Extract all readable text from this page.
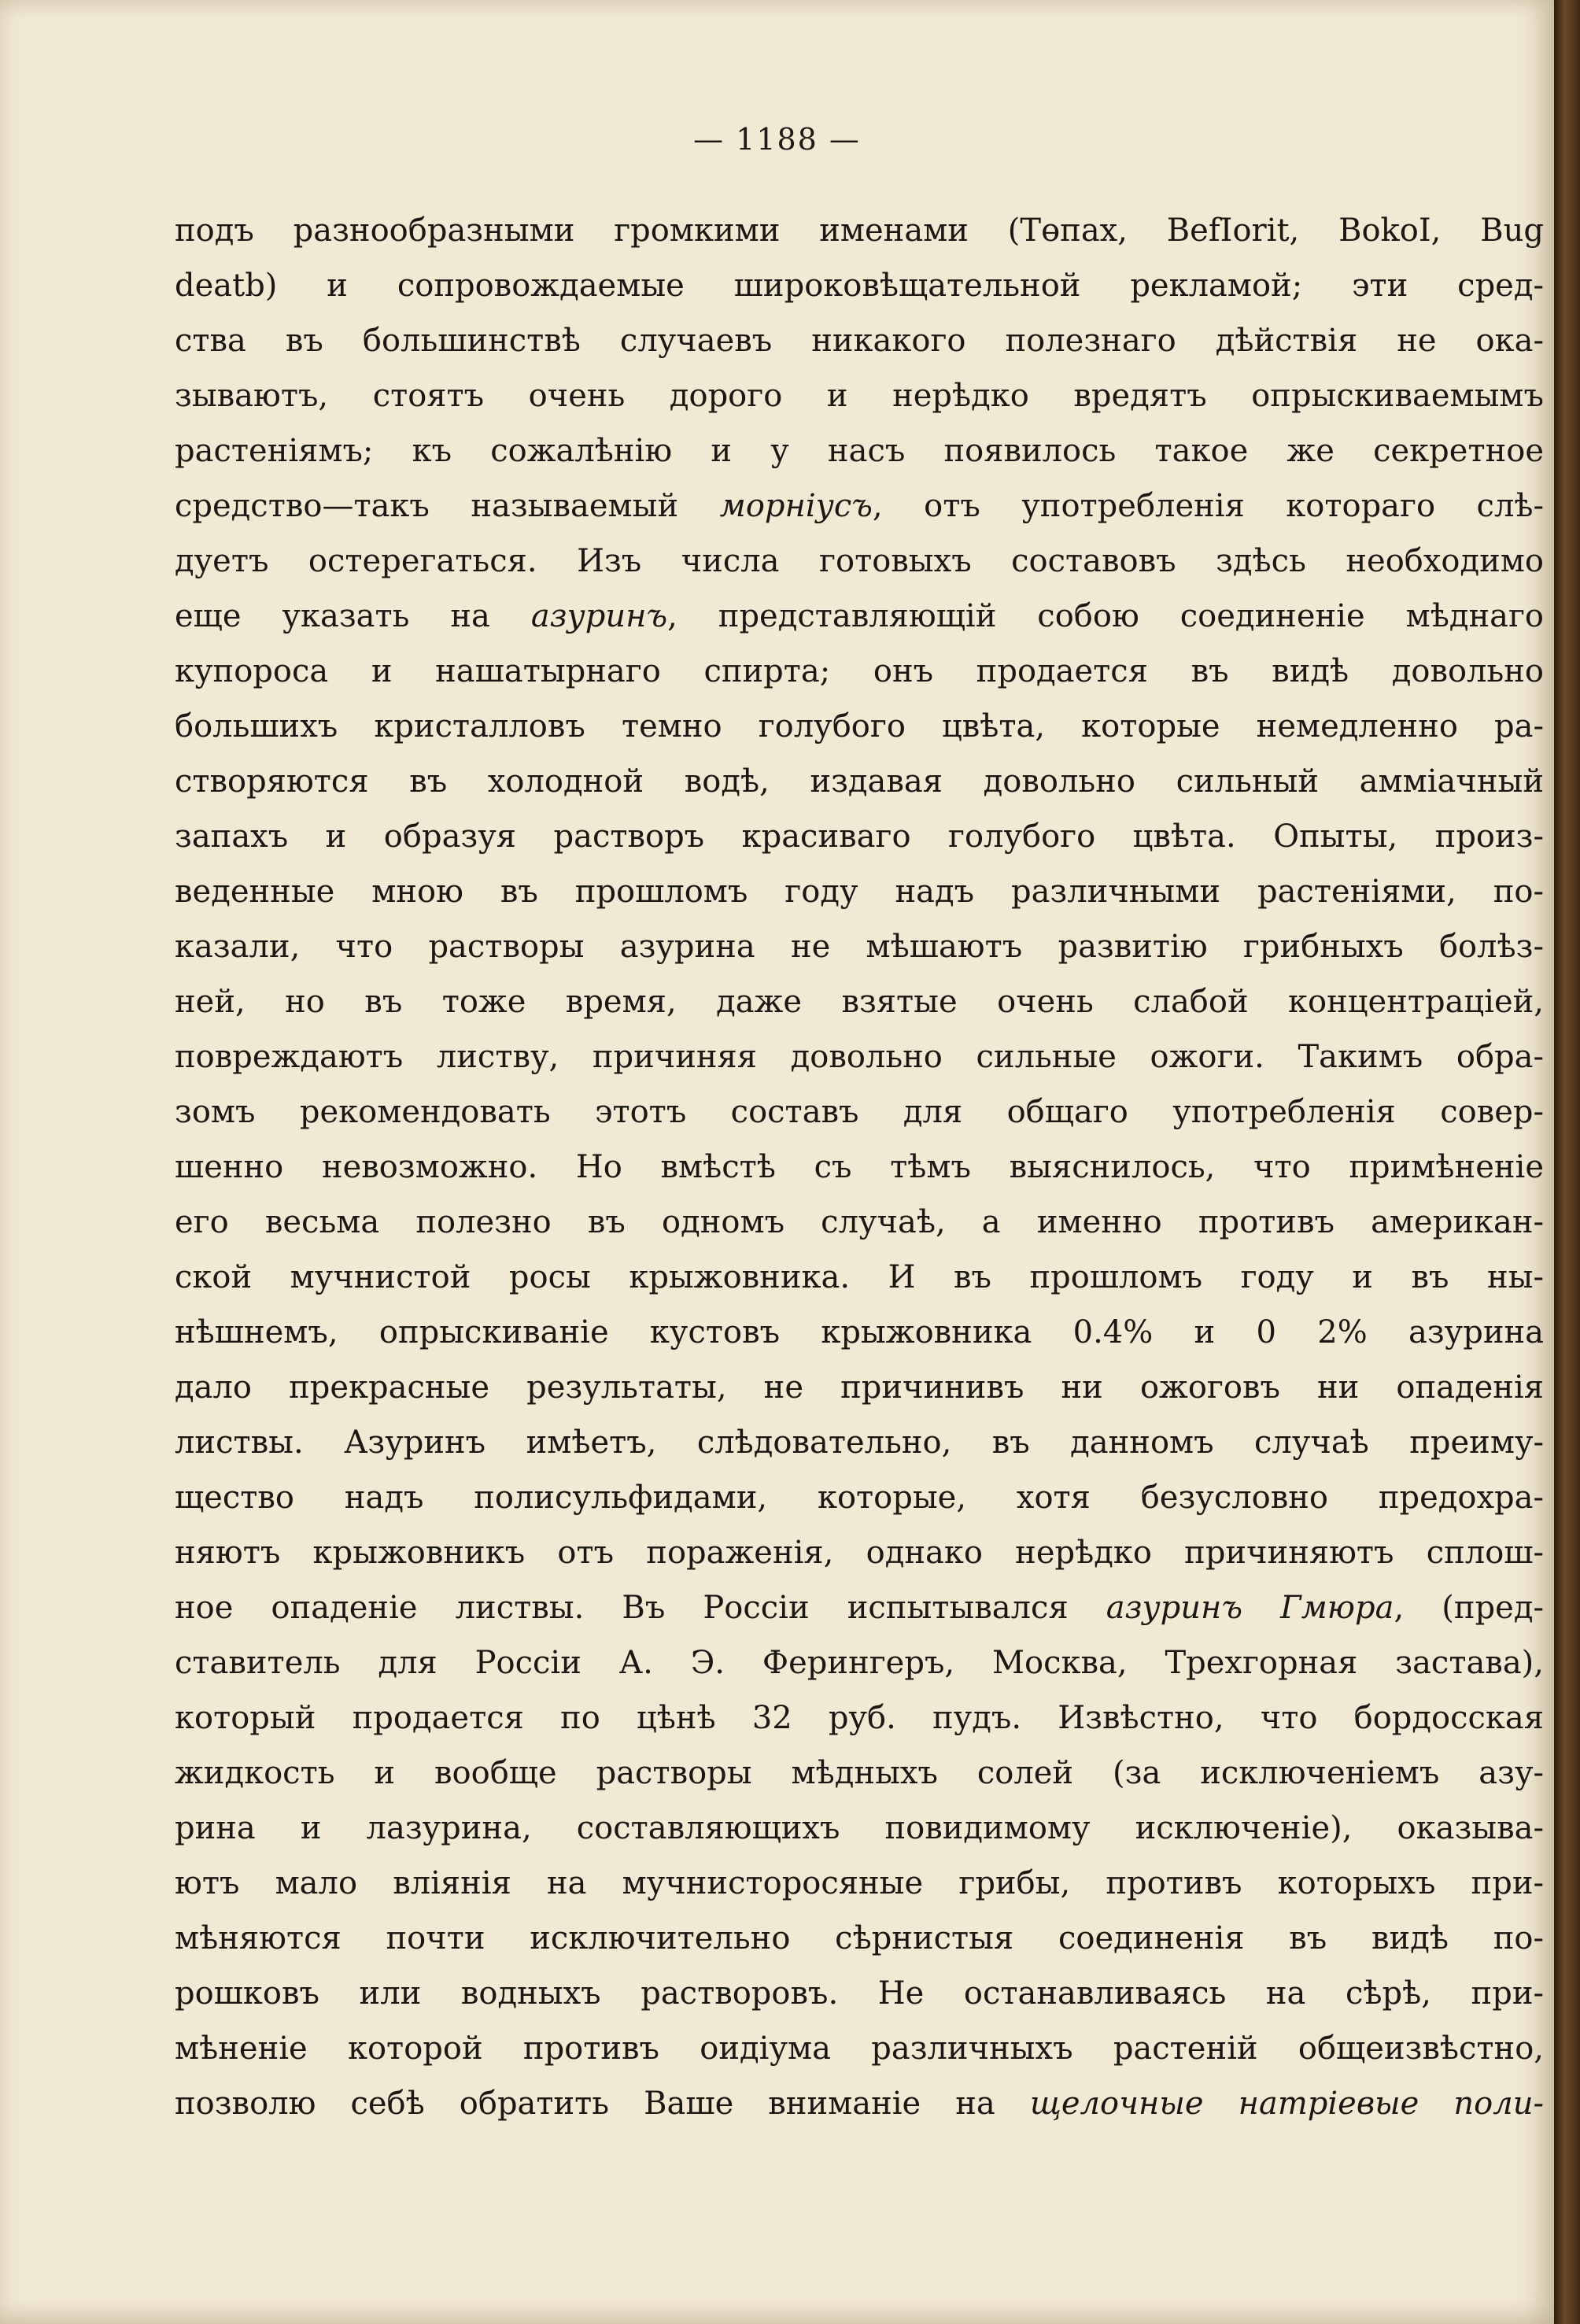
— 1188 —
подъ разнообразными громкими именами (Төпах, BefIorit, BokoI, Bug
deatb) и сопровождаемые широковѣщательной рекламой; эти сред-
ства въ большинствѣ случаевъ никакого полезнаго дѣйствія не ока-
зываютъ, стоятъ очень дорого и нерѣдко вредятъ опрыскиваемымъ
растеніямъ; къ сожалѣнію и у насъ появилось такое же секретное
средство—такъ называемый морніусъ, отъ употребленія котораго слѣ-
дуетъ остерегаться. Изъ числа готовыхъ составовъ здѣсь необходимо
еще указать на азуринъ, представляющій собою соединеніе мѣднаго
купороса и нашатырнаго спирта; онъ продается въ видѣ довольно
большихъ кристалловъ темно голубого цвѣта, которые немедленно ра-
створяются въ холодной водѣ, издавая довольно сильный амміачный
запахъ и образуя растворъ красиваго голубого цвѣта. Опыты, произ-
веденные мною въ прошломъ году надъ различными растеніями, по-
казали, что растворы азурина не мѣшаютъ развитію грибныхъ болѣз-
ней, но въ тоже время, даже взятые очень слабой концентраціей,
повреждаютъ листву, причиняя довольно сильные ожоги. Такимъ обра-
зомъ рекомендовать этотъ составъ для общаго употребленія совер-
шенно невозможно. Но вмѣстѣ съ тѣмъ выяснилось, что примѣненіе
его весьма полезно въ одномъ случаѣ, а именно противъ американ-
ской мучнистой росы крыжовника. И въ прошломъ году и въ ны-
нѣшнемъ, опрыскиваніе кустовъ крыжовника 0.4% и 0 2% азурина
дало прекрасные результаты, не причинивъ ни ожоговъ ни опаденія
листвы. Азуринъ имѣетъ, слѣдовательно, въ данномъ случаѣ преиму-
щество надъ полисульфидами, которые, хотя безусловно предохра-
няютъ крыжовникъ отъ пораженія, однако нерѣдко причиняютъ сплош-
ное опаденіе листвы. Въ Россіи испытывался азуринъ Гмюра, (пред-
ставитель для Россіи А. Э. Ферингеръ, Москва, Трехгорная застава),
который продается по цѣнѣ 32 руб. пудъ. Извѣстно, что бордосская
жидкость и вообще растворы мѣдныхъ солей (за исключеніемъ азу-
рина и лазурина, составляющихъ повидимому исключеніе), оказыва-
ютъ мало вліянія на мучнисторосяные грибы, противъ которыхъ при-
мѣняются почти исключительно сѣрнистыя соединенія въ видѣ по-
рошковъ или водныхъ растворовъ. Не останавливаясь на сѣрѣ, при-
мѣненіе которой противъ оидіума различныхъ растеній общеизвѣстно,
позволю себѣ обратить Ваше вниманіе на щелочные натріевые поли-
